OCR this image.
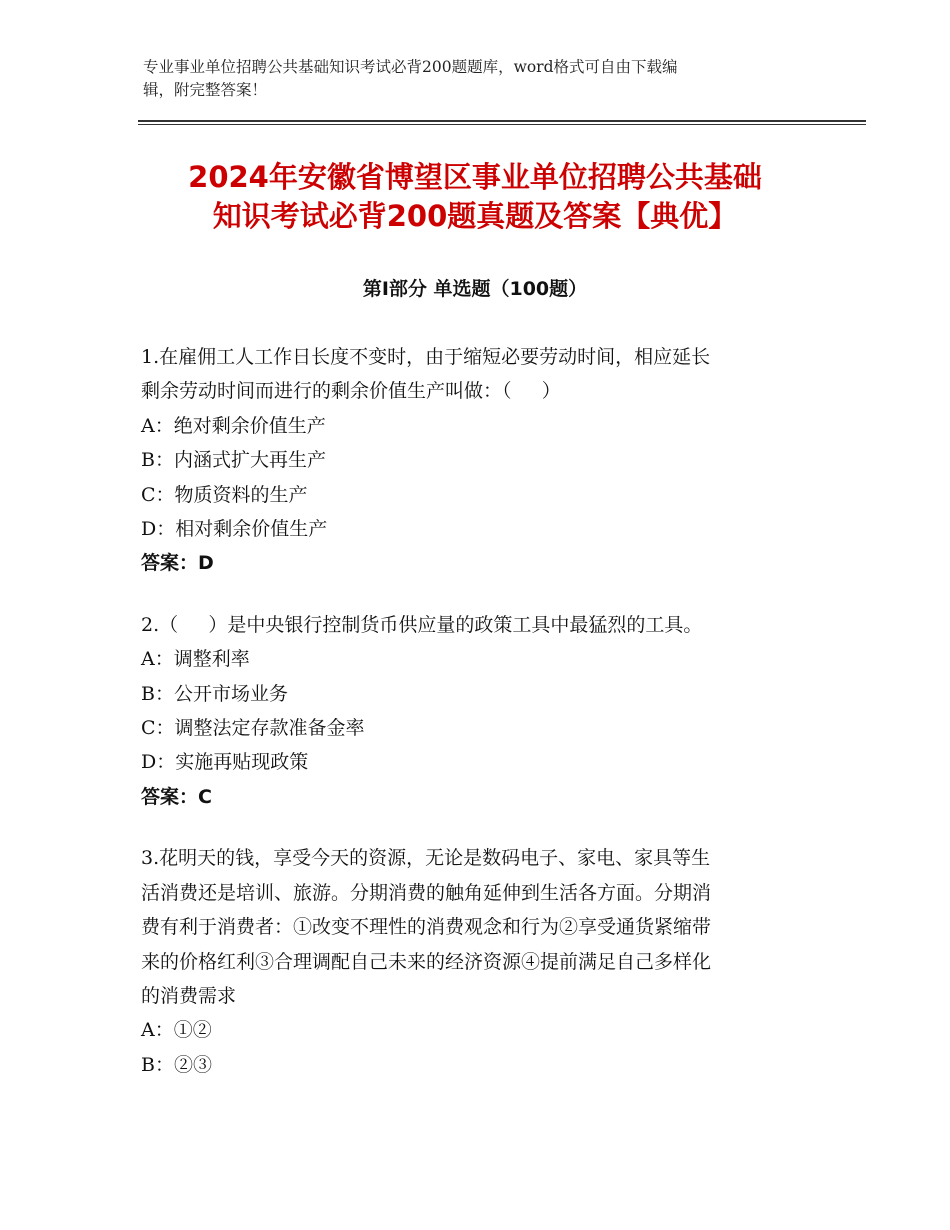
专业事业单位招聘公共基础知识考试必背200题题库，word格式可自由下载编
辑，附完整答案！
2024年安徽省博望区事业单位招聘公共基础
知识考试必背200题真题及答案【典优】
第Ⅰ部分 单选题（100题）
1.在雇佣工人工作日长度不变时，由于缩短必要劳动时间，相应延长
剩余劳动时间而进行的剩余价值生产叫做：（     ）
A：绝对剩余价值生产
B：内涵式扩大再生产
C：物质资料的生产
D：相对剩余价值生产
答案：D
2.（     ）是中央银行控制货币供应量的政策工具中最猛烈的工具。
A：调整利率
B：公开市场业务
C：调整法定存款准备金率
D：实施再贴现政策
答案：C
3.花明天的钱，享受今天的资源，无论是数码电子、家电、家具等生
活消费还是培训、旅游。分期消费的触角延伸到生活各方面。分期消
费有利于消费者：①改变不理性的消费观念和行为②享受通货紧缩带
来的价格红利③合理调配自己未来的经济资源④提前满足自己多样化
的消费需求
A：①②
B：②③
